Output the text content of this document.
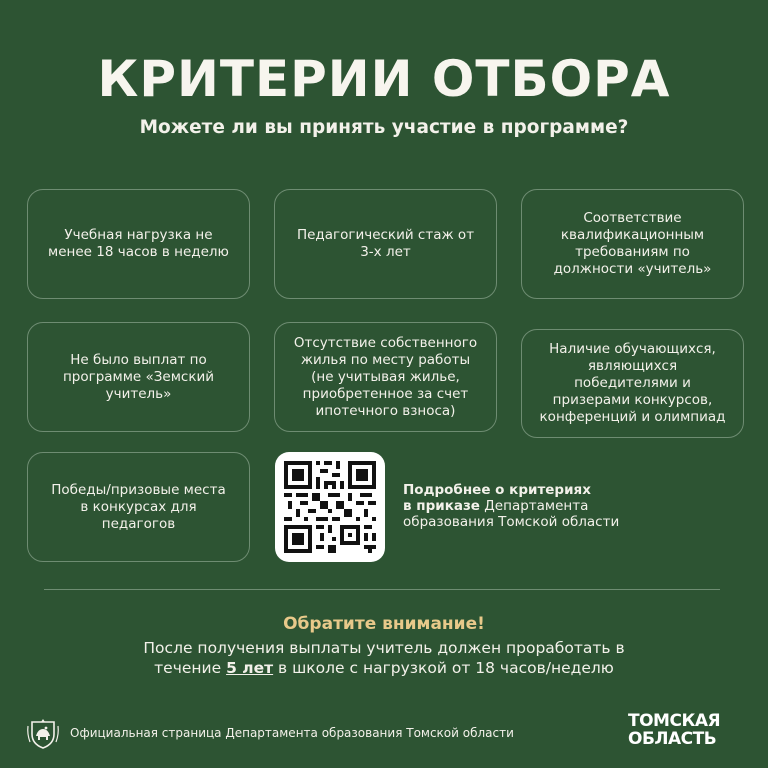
КРИТЕРИИ ОТБОРА
Можете ли вы принять участие в программе?
Учебная нагрузка не
менее 18 часов в неделю
Педагогический стаж от
3-х лет
Соответствие
квалификационным
требованиям по
должности «учитель»
Не было выплат по
программе «Земский
учитель»
Отсутствие собственного
жилья по месту работы
(не учитывая жилье,
приобретенное за счет
ипотечного взноса)
Наличие обучающихся,
являющихся
победителями и
призерами конкурсов,
конференций и олимпиад
Победы/призовые места
в конкурсах для
педагогов
Подробнее о критериях
в приказе Департамента
образования Томской области
Обратите внимание!
После получения выплаты учитель должен проработать в
течение 5 лет в школе с нагрузкой от 18 часов/неделю
Официальная страница Департамента образования Томской области
ТОМСКАЯ
ОБЛАСТЬ
